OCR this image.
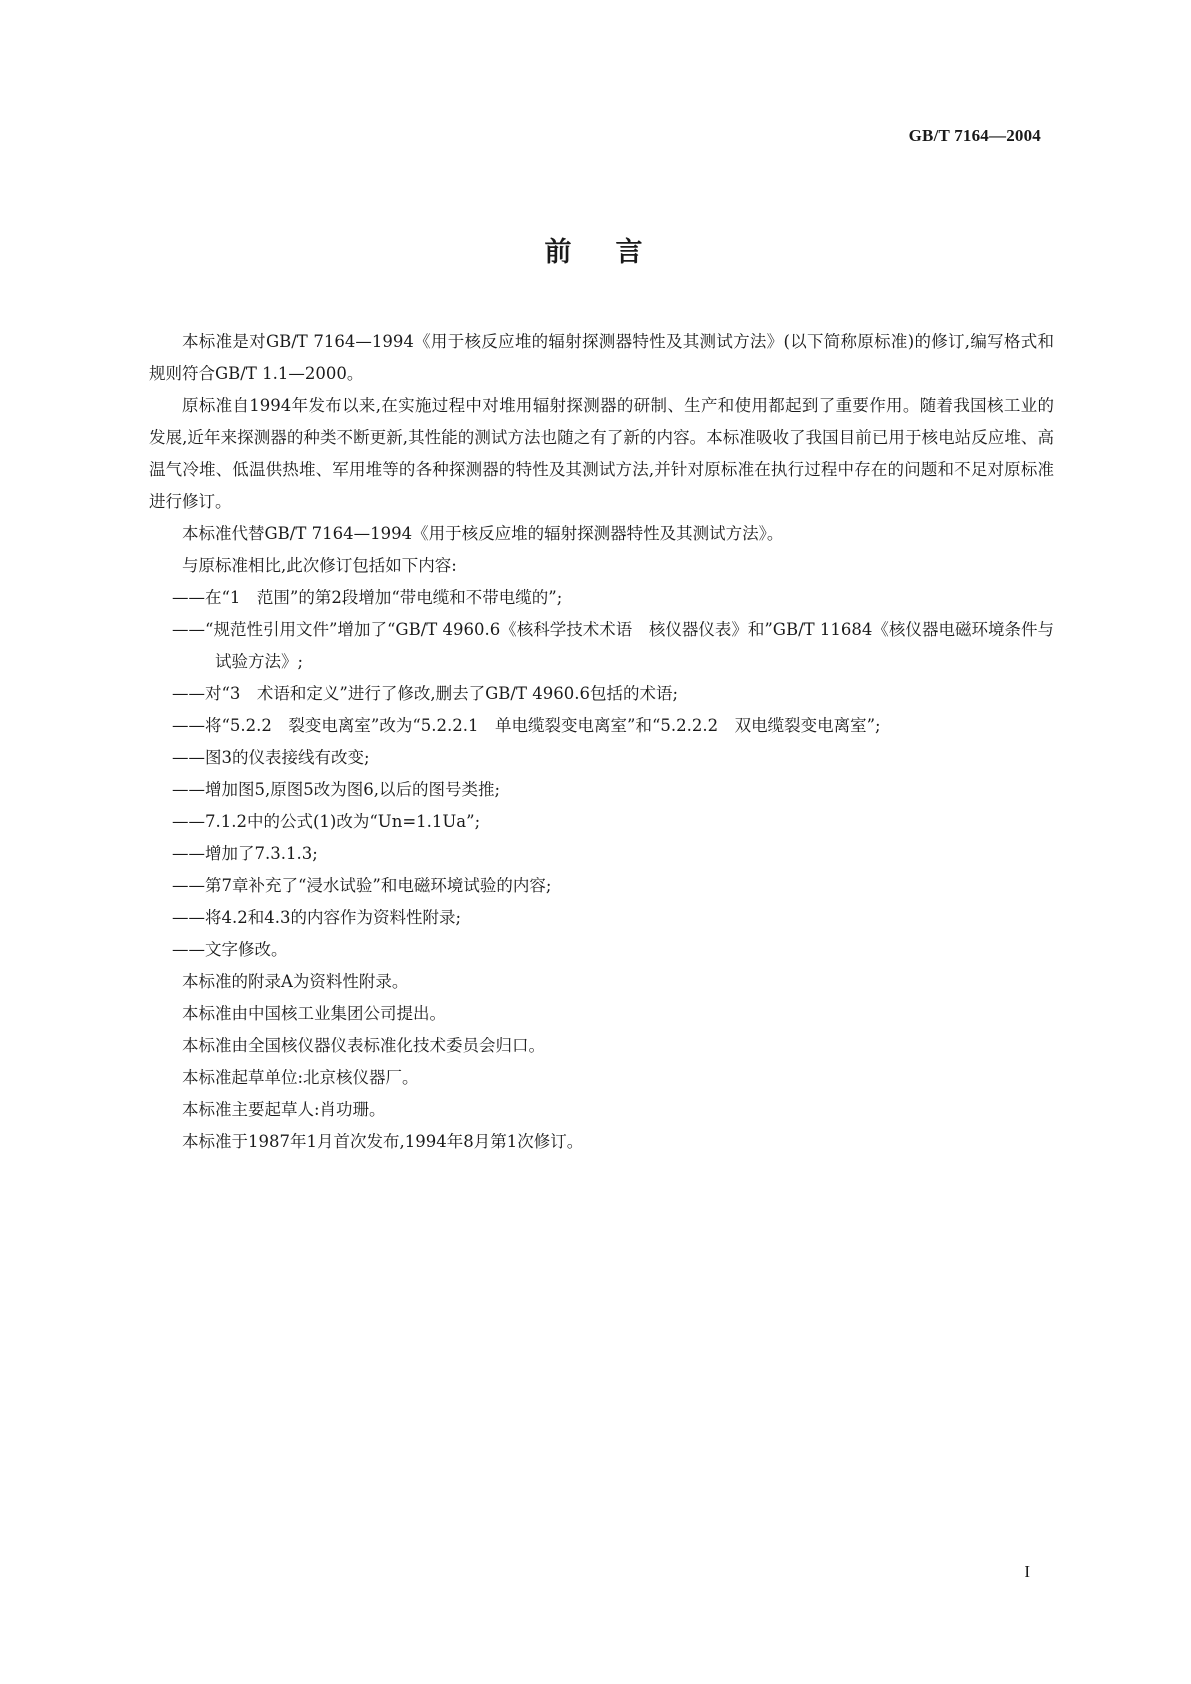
GB/T 7164—2004
前言

本标准是对GB/T 7164—1994《用于核反应堆的辐射探测器特性及其测试方法》(以下简称原标准)的修订,编写格式和规则符合GB/T 1.1—2000。

原标准自1994年发布以来,在实施过程中对堆用辐射探测器的研制、生产和使用都起到了重要作用。随着我国核工业的发展,近年来探测器的种类不断更新,其性能的测试方法也随之有了新的内容。本标准吸收了我国目前已用于核电站反应堆、高温气冷堆、低温供热堆、军用堆等的各种探测器的特性及其测试方法,并针对原标准在执行过程中存在的问题和不足对原标准进行修订。

本标准代替GB/T 7164—1994《用于核反应堆的辐射探测器特性及其测试方法》。

与原标准相比,此次修订包括如下内容:

——在“1　范围”的第2段增加“带电缆和不带电缆的”;

——“规范性引用文件”增加了“GB/T 4960.6《核科学技术术语　核仪器仪表》和”GB/T 11684《核仪器电磁环境条件与试验方法》;

——对“3　术语和定义”进行了修改,删去了GB/T 4960.6包括的术语;

——将“5.2.2　裂变电离室”改为“5.2.2.1　单电缆裂变电离室”和“5.2.2.2　双电缆裂变电离室”;

——图3的仪表接线有改变;

——增加图5,原图5改为图6,以后的图号类推;

——7.1.2中的公式(1)改为“Un=1.1Ua”;

——增加了7.3.1.3;

——第7章补充了“浸水试验”和电磁环境试验的内容;

——将4.2和4.3的内容作为资料性附录;

——文字修改。

本标准的附录A为资料性附录。

本标准由中国核工业集团公司提出。

本标准由全国核仪器仪表标准化技术委员会归口。

本标准起草单位:北京核仪器厂。

本标准主要起草人:肖功珊。

本标准于1987年1月首次发布,1994年8月第1次修订。

I
